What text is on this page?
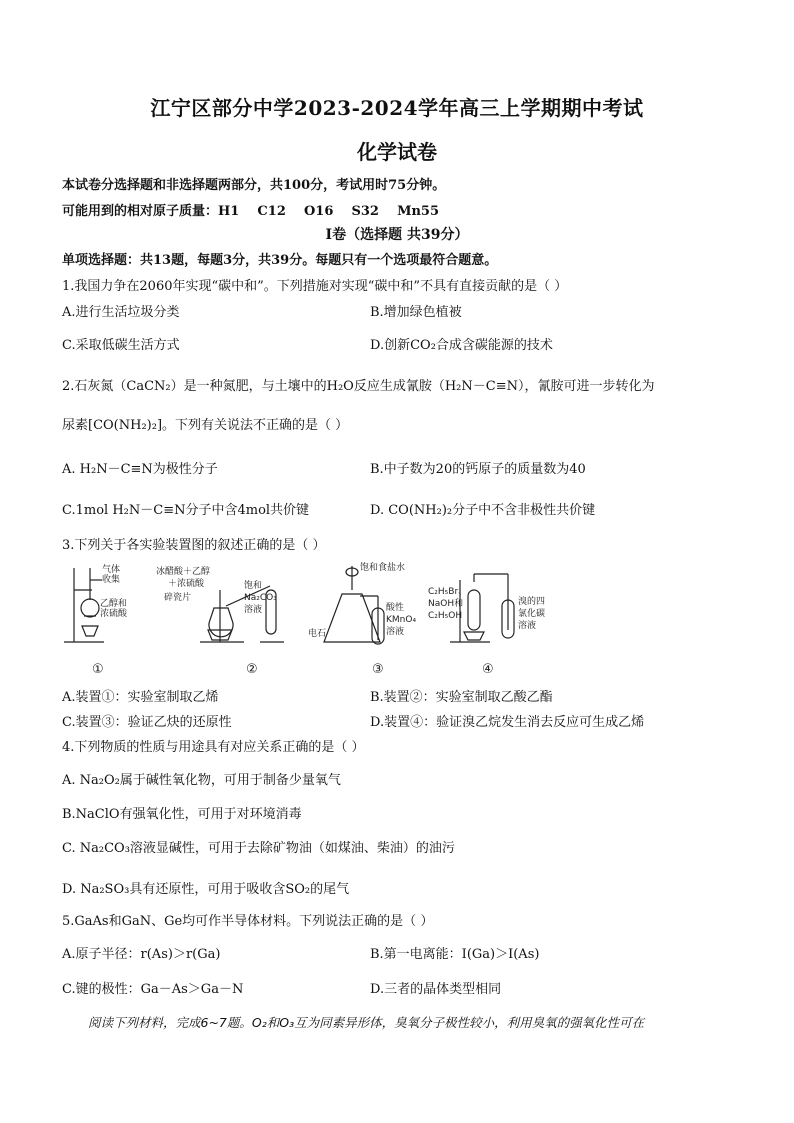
江宁区部分中学2023-2024学年高三上学期期中考试
化学试卷
本试卷分选择题和非选择题两部分，共100分，考试用时75分钟。
可能用到的相对原子质量：H1    C12    O16    S32    Mn55
I卷（选择题 共39分）
单项选择题：共13题，每题3分，共39分。每题只有一个选项最符合题意。
1.我国力争在2060年实现“碳中和”。下列措施对实现“碳中和”不具有直接贡献的是（ ）
A.进行生活垃圾分类	B.增加绿色植被
C.采取低碳生活方式	D.创新CO₂合成含碳能源的技术
2.石灰氮（CaCN₂）是一种氮肥，与土壤中的H₂O反应生成氰胺（H₂N－C≡N），氰胺可进一步转化为
尿素[CO(NH₂)₂]。下列有关说法不正确的是（ ）
A. H₂N－C≡N为极性分子	B.中子数为20的钙原子的质量数为40
C.1mol H₂N－C≡N分子中含4mol共价键	D. CO(NH₂)₂分子中不含非极性共价键
3.下列关于各实验装置图的叙述正确的是（ ）
气体
收集
乙醇和
浓硫酸
冰醋酸＋乙醇
＋浓硫酸
碎瓷片
饱和
Na₂CO₃
溶液
饱和食盐水
电石
酸性
KMnO₄
溶液
C₂H₅Br、
NaOH和
C₂H₅OH
溴的四
氯化碳
溶液
①	②	③	④
A.装置①：实验室制取乙烯	B.装置②：实验室制取乙酸乙酯
C.装置③：验证乙炔的还原性	D.装置④：验证溴乙烷发生消去反应可生成乙烯
4.下列物质的性质与用途具有对应关系正确的是（ ）
A. Na₂O₂属于碱性氧化物，可用于制备少量氧气
B.NaClO有强氧化性，可用于对环境消毒
C. Na₂CO₃溶液显碱性，可用于去除矿物油（如煤油、柴油）的油污
D. Na₂SO₃具有还原性，可用于吸收含SO₂的尾气
5.GaAs和GaN、Ge均可作半导体材料。下列说法正确的是（ ）
A.原子半径：r(As)＞r(Ga)	B.第一电离能：I(Ga)＞I(As)
C.键的极性：Ga－As＞Ga－N	D.三者的晶体类型相同
阅读下列材料，完成6~7题。O₂和O₃互为同素异形体，臭氧分子极性较小，利用臭氧的强氧化性可在
